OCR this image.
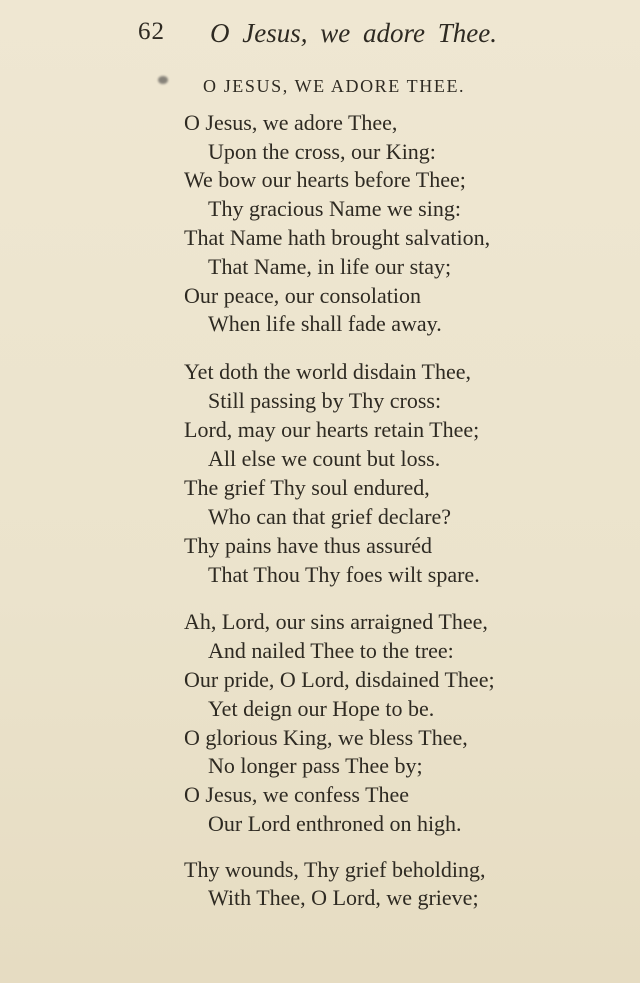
62 O Jesus, we adore Thee.
O JESUS, WE ADORE THEE.
O Jesus, we adore Thee,
Upon the cross, our King:
We bow our hearts before Thee;
Thy gracious Name we sing:
That Name hath brought salvation,
That Name, in life our stay;
Our peace, our consolation
When life shall fade away.
Yet doth the world disdain Thee,
Still passing by Thy cross:
Lord, may our hearts retain Thee;
All else we count but loss.
The grief Thy soul endured,
Who can that grief declare?
Thy pains have thus assuréd
That Thou Thy foes wilt spare.
Ah, Lord, our sins arraigned Thee,
And nailed Thee to the tree:
Our pride, O Lord, disdained Thee;
Yet deign our Hope to be.
O glorious King, we bless Thee,
No longer pass Thee by;
O Jesus, we confess Thee
Our Lord enthroned on high.
Thy wounds, Thy grief beholding,
With Thee, O Lord, we grieve;
